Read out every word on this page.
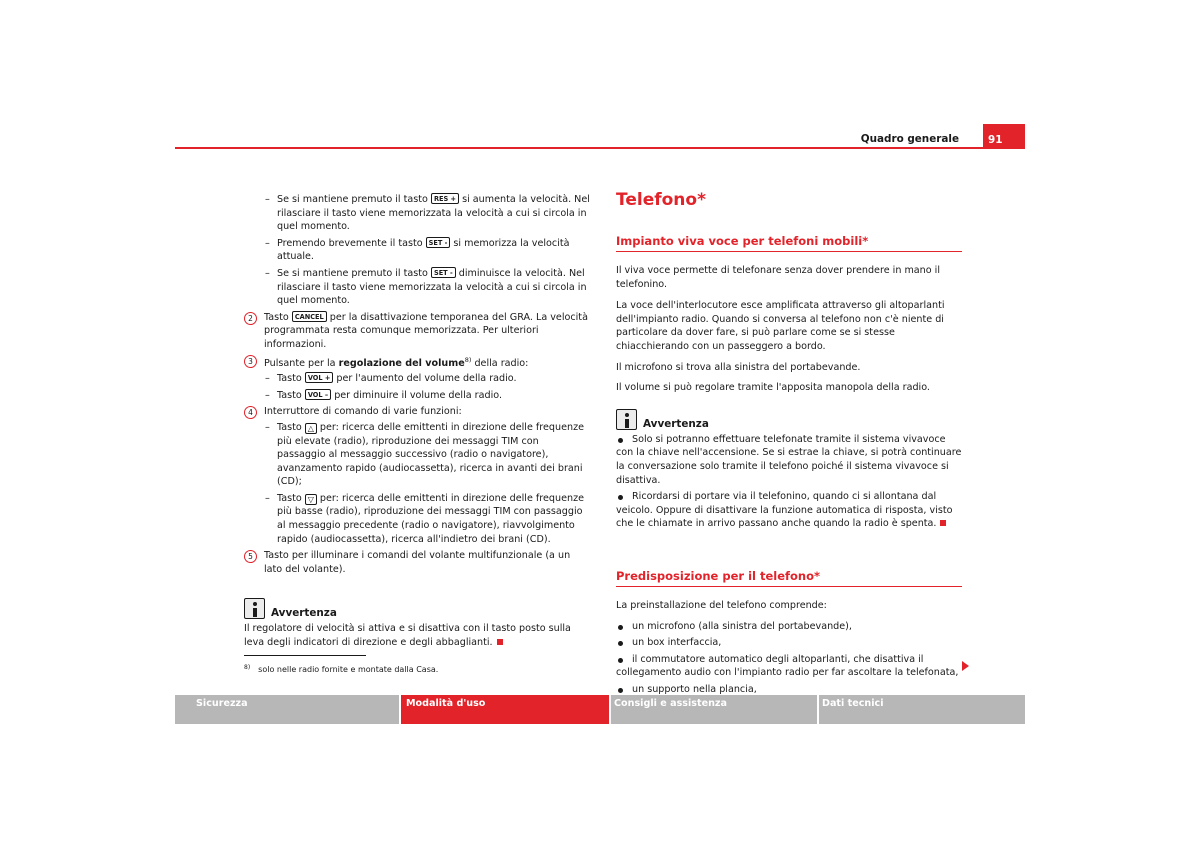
Quadro generale	91
– Se si mantiene premuto il tasto RES + si aumenta la velocità. Nel rilasciare il tasto viene memorizzata la velocità a cui si circola in quel momento.
– Premendo brevemente il tasto SET - si memorizza la velocità attuale.
– Se si mantiene premuto il tasto SET - diminuisce la velocità. Nel rilasciare il tasto viene memorizzata la velocità a cui si circola in quel momento.
2	Tasto CANCEL per la disattivazione temporanea del GRA. La velocità programmata resta comunque memorizzata. Per ulteriori informazioni.
3	Pulsante per la regolazione del volume$^{8)}$ della radio:
– Tasto VOL + per l'aumento del volume della radio.
– Tasto VOL – per diminuire il volume della radio.
4	Interruttore di comando di varie funzioni:
– Tasto △ per: ricerca delle emittenti in direzione delle frequenze più elevate (radio), riproduzione dei messaggi TIM con passaggio al messaggio successivo (radio o navigatore), avanzamento rapido (audiocassetta), ricerca in avanti dei brani (CD);
– Tasto ▽ per: ricerca delle emittenti in direzione delle frequenze più basse (radio), riproduzione dei messaggi TIM con passaggio al messaggio precedente (radio o navigatore), riavvolgimento rapido (audiocassetta), ricerca all'indietro dei brani (CD).
5	Tasto per illuminare i comandi del volante multifunzionale (a un lato del volante).
Avvertenza
Il regolatore di velocità si attiva e si disattiva con il tasto posto sulla leva degli indicatori di direzione e degli abbaglianti.
$^{8)}$ solo nelle radio fornite e montate dalla Casa.
Telefono*
Impianto viva voce per telefoni mobili*
Il viva voce permette di telefonare senza dover prendere in mano il telefonino.
La voce dell'interlocutore esce amplificata attraverso gli altoparlanti dell'impianto radio. Quando si conversa al telefono non c'è niente di particolare da dover fare, si può parlare come se si stesse chiacchierando con un passeggero a bordo.
Il microfono si trova alla sinistra del portabevande.
Il volume si può regolare tramite l'apposita manopola della radio.
Avvertenza
Solo si potranno effettuare telefonate tramite il sistema vivavoce con la chiave nell'accensione. Se si estrae la chiave, si potrà continuare la conversazione solo tramite il telefono poiché il sistema vivavoce si disattiva.
Ricordarsi di portare via il telefonino, quando ci si allontana dal veicolo. Oppure di disattivare la funzione automatica di risposta, visto che le chiamate in arrivo passano anche quando la radio è spenta.
Predisposizione per il telefono*
La preinstallazione del telefono comprende:
un microfono (alla sinistra del portabevande),
un box interfaccia,
il commutatore automatico degli altoparlanti, che disattiva il collegamento audio con l'impianto radio per far ascoltare la telefonata,
un supporto nella plancia,
Sicurezza	Modalità d'uso	Consigli e assistenza	Dati tecnici
